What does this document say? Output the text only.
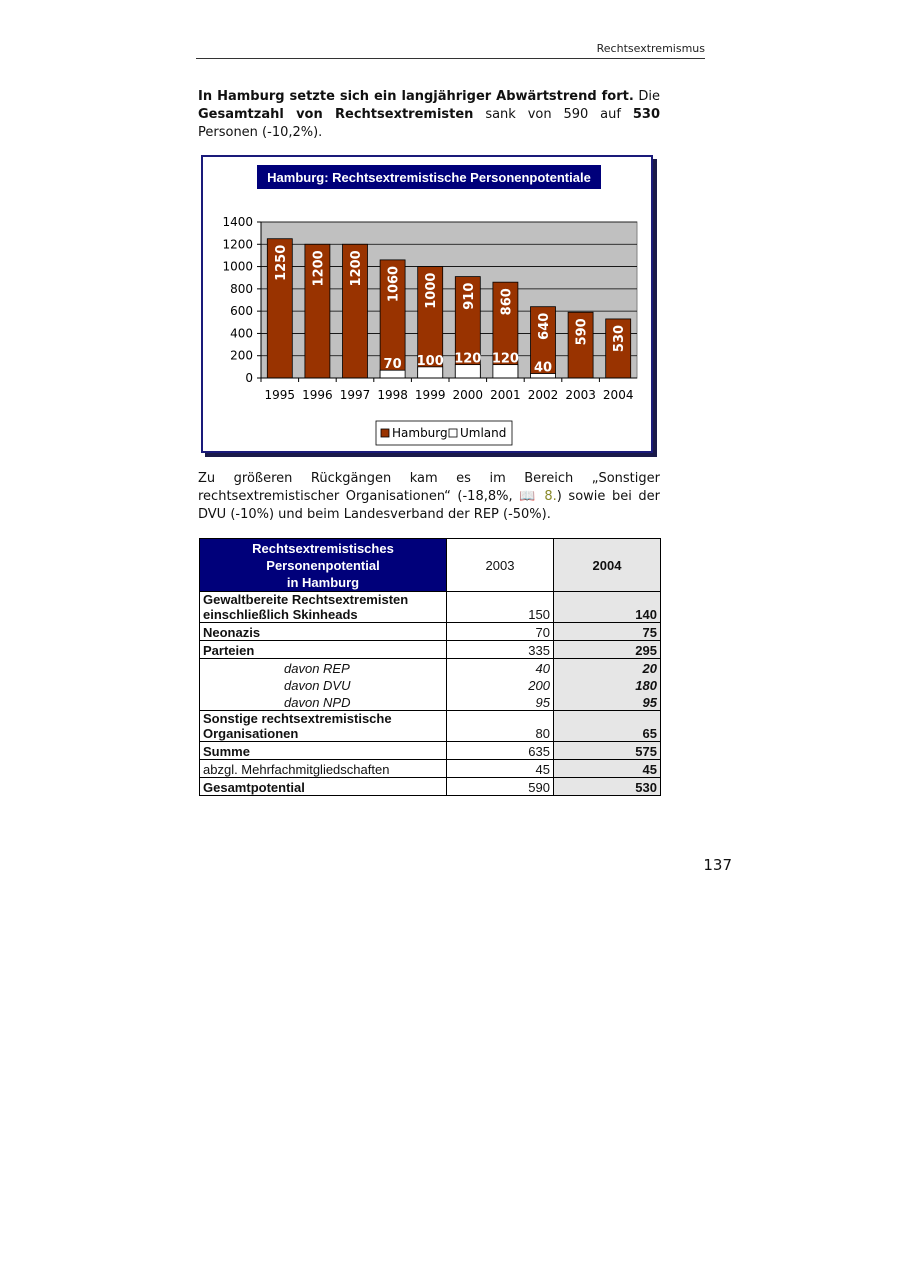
Rechtsextremismus
In Hamburg setzte sich ein langjähriger Abwärtstrend fort. Die Gesamtzahl von Rechtsextremisten sank von 590 auf 530 Personen (-10,2%).
Hamburg: Rechtsextremistische Personenpotentiale
0
200
400
600
800
1000
1200
1400
1250
1995
1200
1996
1200
1997
1060
70
1998
1000
100
1999
910
120
2000
860
120
2001
640
40
2002
590
2003
530
2004
Hamburg Umland
Zu größeren Rückgängen kam es im Bereich „Sonstiger rechtsextremistischer Organisationen“ (-18,8%, 📖 8.) sowie bei der DVU (-10%) und beim Landesverband der REP (-50%).
Rechtsextremistisches
Personenpotential
in Hamburg	2003	2004

Gewaltbereite Rechtsextremisten
einschließlich Skinheads	150	140
Neonazis	70	75
Parteien	335	295

davon REP	40	20

davon DVU	200	180

davon NPD	95	95

Sonstige rechtsextremistische
Organisationen	80	65
Summe	635	575
abzgl. Mehrfachmitgliedschaften	45	45
Gesamtpotential	590	530
137
